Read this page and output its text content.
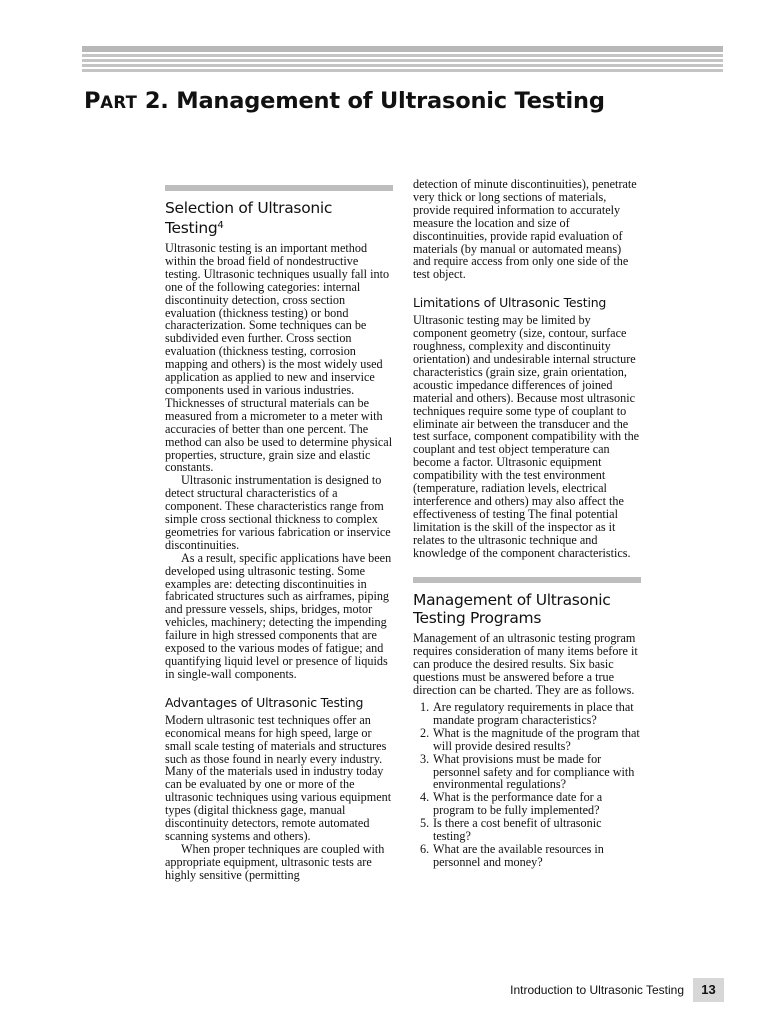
PART 2. Management of Ultrasonic Testing
Selection of Ultrasonic Testing$^4$

Ultrasonic testing is an important method within the broad field of nondestructive testing. Ultrasonic techniques usually fall into one of the following categories: internal discontinuity detection, cross section evaluation (thickness testing) or bond characterization. Some techniques can be subdivided even further. Cross section evaluation (thickness testing, corrosion mapping and others) is the most widely used application as applied to new and inservice components used in various industries. Thicknesses of structural materials can be measured from a micrometer to a meter with accuracies of better than one percent. The method can also be used to determine physical properties, structure, grain size and elastic constants.

Ultrasonic instrumentation is designed to detect structural characteristics of a component. These characteristics range from simple cross sectional thickness to complex geometries for various fabrication or inservice discontinuities.

As a result, specific applications have been developed using ultrasonic testing. Some examples are: detecting discontinuities in fabricated structures such as airframes, piping and pressure vessels, ships, bridges, motor vehicles, machinery; detecting the impending failure in high stressed components that are exposed to the various modes of fatigue; and quantifying liquid level or presence of liquids in single-wall components.

Advantages of Ultrasonic Testing

Modern ultrasonic test techniques offer an economical means for high speed, large or small scale testing of materials and structures such as those found in nearly every industry. Many of the materials used in industry today can be evaluated by one or more of the ultrasonic techniques using various equipment types (digital thickness gage, manual discontinuity detectors, remote automated scanning systems and others).

When proper techniques are coupled with appropriate equipment, ultrasonic tests are highly sensitive (permitting

detection of minute discontinuities), penetrate very thick or long sections of materials, provide required information to accurately measure the location and size of discontinuities, provide rapid evaluation of materials (by manual or automated means) and require access from only one side of the test object.

Limitations of Ultrasonic Testing

Ultrasonic testing may be limited by component geometry (size, contour, surface roughness, complexity and discontinuity orientation) and undesirable internal structure characteristics (grain size, grain orientation, acoustic impedance differences of joined material and others). Because most ultrasonic techniques require some type of couplant to eliminate air between the transducer and the test surface, component compatibility with the couplant and test object temperature can become a factor. Ultrasonic equipment compatibility with the test environment (temperature, radiation levels, electrical interference and others) may also affect the effectiveness of testing The final potential limitation is the skill of the inspector as it relates to the ultrasonic technique and knowledge of the component characteristics.

Management of Ultrasonic Testing Programs

Management of an ultrasonic testing program requires consideration of many items before it can produce the desired results. Six basic questions must be answered before a true direction can be charted. They are as follows.

1. Are regulatory requirements in place that mandate program characteristics?
2. What is the magnitude of the program that will provide desired results?
3. What provisions must be made for personnel safety and for compliance with environmental regulations?
4. What is the performance date for a program to be fully implemented?
5. Is there a cost benefit of ultrasonic testing?
6. What are the available resources in personnel and money?
Introduction to Ultrasonic Testing	13
